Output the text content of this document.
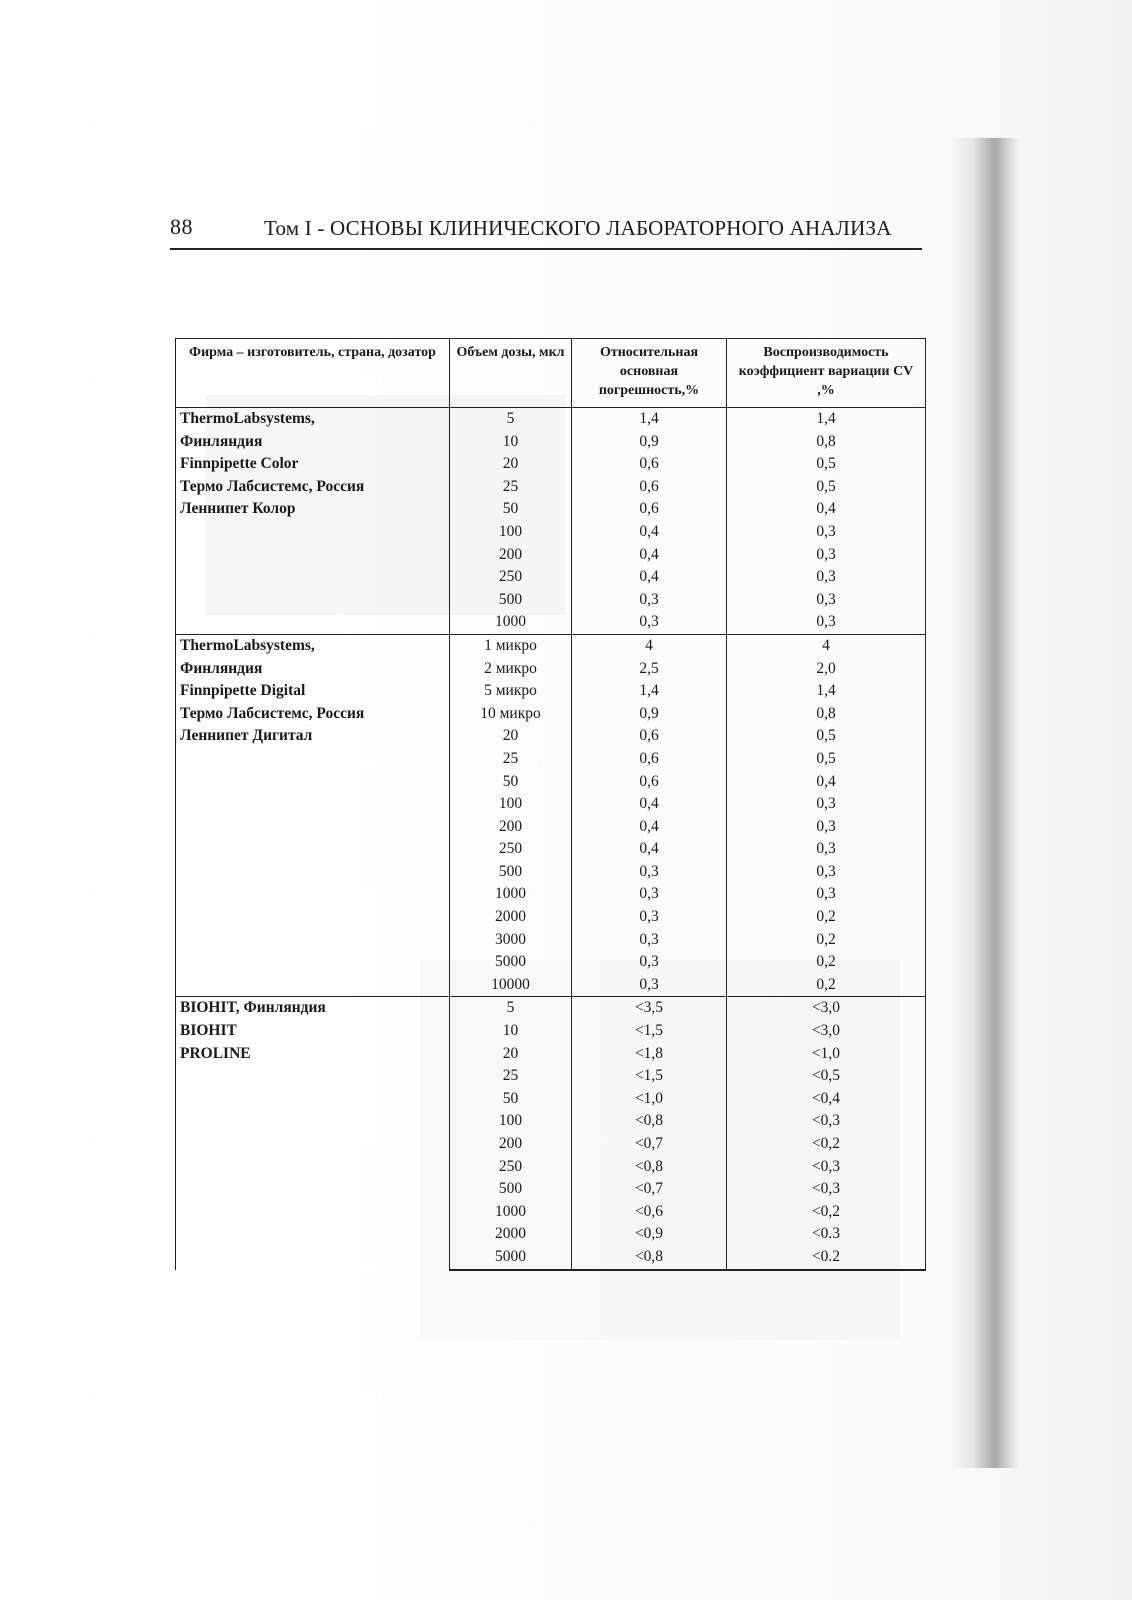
88	Том I - ОСНОВЫ КЛИНИЧЕСКОГО ЛАБОРАТОРНОГО АНАЛИЗА
Фирма – изготовитель, страна, дозатор	Объем дозы, мкл	Относительная основная погрешность,%	Воспроизводимость коэффициент вариации CV ,%

ThermoLabsystems,
Финляндия
Finnpipette Color
Термо Лабсистемс, Россия
Леннипет Колор	5	1,4	1,4
	10	0,9	0,8
	20	0,6	0,5
	25	0,6	0,5
	50	0,6	0,4
	100	0,4	0,3
	200	0,4	0,3
	250	0,4	0,3
	500	0,3	0,3
	1000	0,3	0,3

ThermoLabsystems,
Финляндия
Finnpipette Digital
Термо Лабсистемс, Россия
Леннипет Дигитал	1 микро	4	4
	2 микро	2,5	2,0
	5 микро	1,4	1,4
	10 микро	0,9	0,8
	20	0,6	0,5
	25	0,6	0,5
	50	0,6	0,4
	100	0,4	0,3
	200	0,4	0,3
	250	0,4	0,3
	500	0,3	0,3
	1000	0,3	0,3
	2000	0,3	0,2
	3000	0,3	0,2
	5000	0,3	0,2
	10000	0,3	0,2

BIOHIT, Финляндия
BIOHIT
PROLINE	5	<3,5	<3,0
	10	<1,5	<3,0
	20	<1,8	<1,0
	25	<1,5	<0,5
	50	<1,0	<0,4
	100	<0,8	<0,3
	200	<0,7	<0,2
	250	<0,8	<0,3
	500	<0,7	<0,3
	1000	<0,6	<0,2
	2000	<0,9	<0.3
	5000	<0,8	<0.2
